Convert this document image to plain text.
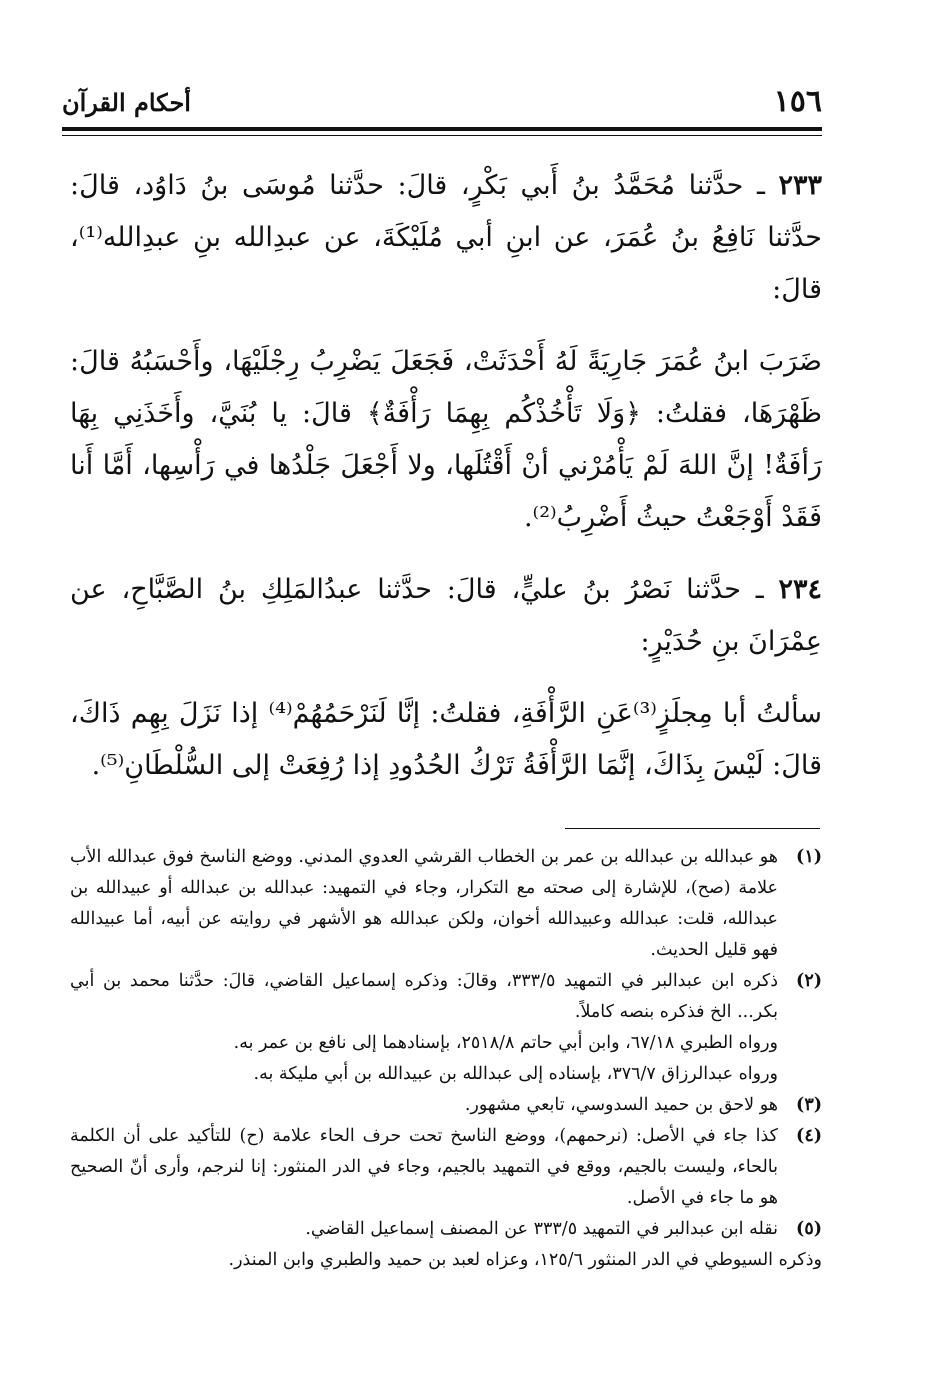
١٥٦
أحكام القرآن

٢٣٣ ـ حدَّثنا مُحَمَّدُ بنُ أَبي بَكْرٍ، قالَ: حدَّثنا مُوسَى بنُ دَاوُد، قالَ: حدَّثنا نَافِعُ بنُ عُمَرَ، عن ابنِ أبي مُلَيْكَةَ، عن عبدِالله بنِ عبدِالله⁽¹⁾، قالَ:

ضَرَبَ ابنُ عُمَرَ جَارِيَةً لَهُ أَحْدَثَتْ، فَجَعَلَ يَضْرِبُ رِجْلَيْهَا، وأَحْسَبُهُ قالَ: ظَهْرَهَا، فقلتُ: ﴿وَلَا تَأْخُذْكُم بِهِمَا رَأْفَةٌ﴾ قالَ: يا بُنَيَّ، وأَخَذَنِي بِهَا رَأفَةٌ! إنَّ اللهَ لَمْ يَأْمُرْني أنْ أَقْتُلَها، ولا أَجْعَلَ جَلْدُها في رَأْسِها، أَمَّا أَنا فَقَدْ أَوْجَعْتُ حيثُ أَضْرِبُ⁽²⁾.

٢٣٤ ـ حدَّثنا نَصْرُ بنُ عليٍّ، قالَ: حدَّثنا عبدُالمَلِكِ بنُ الصَّبَّاحِ، عن عِمْرَانَ بنِ حُدَيْرٍ:

سألتُ أبا مِجلَزٍ⁽³⁾عَنِ الرَّأْفَةِ، فقلتُ: إنَّا لَنَرْحَمُهُمْ⁽⁴⁾ إذا نَزَلَ بِهِم ذَاكَ، قالَ: لَيْسَ بِذَاكَ، إنَّمَا الرَّأْفَةُ تَرْكُ الحُدُودِ إذا رُفِعَتْ إلى السُّلْطَانِ⁽⁵⁾.

(١)
هو عبدالله بن عبدالله بن عمر بن الخطاب القرشي العدوي المدني. ووضع الناسخ فوق عبدالله الأب علامة (صح)، للإشارة إلى صحته مع التكرار، وجاء في التمهيد: عبدالله بن عبدالله أو عبيدالله بن عبدالله، قلت: عبدالله وعبيدالله أخوان، ولكن عبدالله هو الأشهر في روايته عن أبيه، أما عبيدالله فهو قليل الحديث.
(٢)
ذكره ابن عبدالبر في التمهيد ٣٣٣/٥، وقالَ: وذكره إسماعيل القاضي، قالَ: حدَّثنا محمد بن أبي بكر... الخ فذكره بنصه كاملاً.
ورواه الطبري ٦٧/١٨، وابن أبي حاتم ٢٥١٨/٨، بإسنادهما إلى نافع بن عمر به.
ورواه عبدالرزاق ٣٧٦/٧، بإسناده إلى عبدالله بن عبيدالله بن أبي مليكة به.
(٣)
هو لاحق بن حميد السدوسي، تابعي مشهور.
(٤)
كذا جاء في الأصل: (نرحمهم)، ووضع الناسخ تحت حرف الحاء علامة (ح) للتأكيد على أن الكلمة بالحاء، وليست بالجيم، ووقع في التمهيد بالجيم، وجاء في الدر المنثور: إنا لنرجم، وأرى أنّ الصحيح هو ما جاء في الأصل.
(٥)
نقله ابن عبدالبر في التمهيد ٣٣٣/٥ عن المصنف إسماعيل القاضي.
وذكره السيوطي في الدر المنثور ١٢٥/٦، وعزاه لعبد بن حميد والطبري وابن المنذر.
